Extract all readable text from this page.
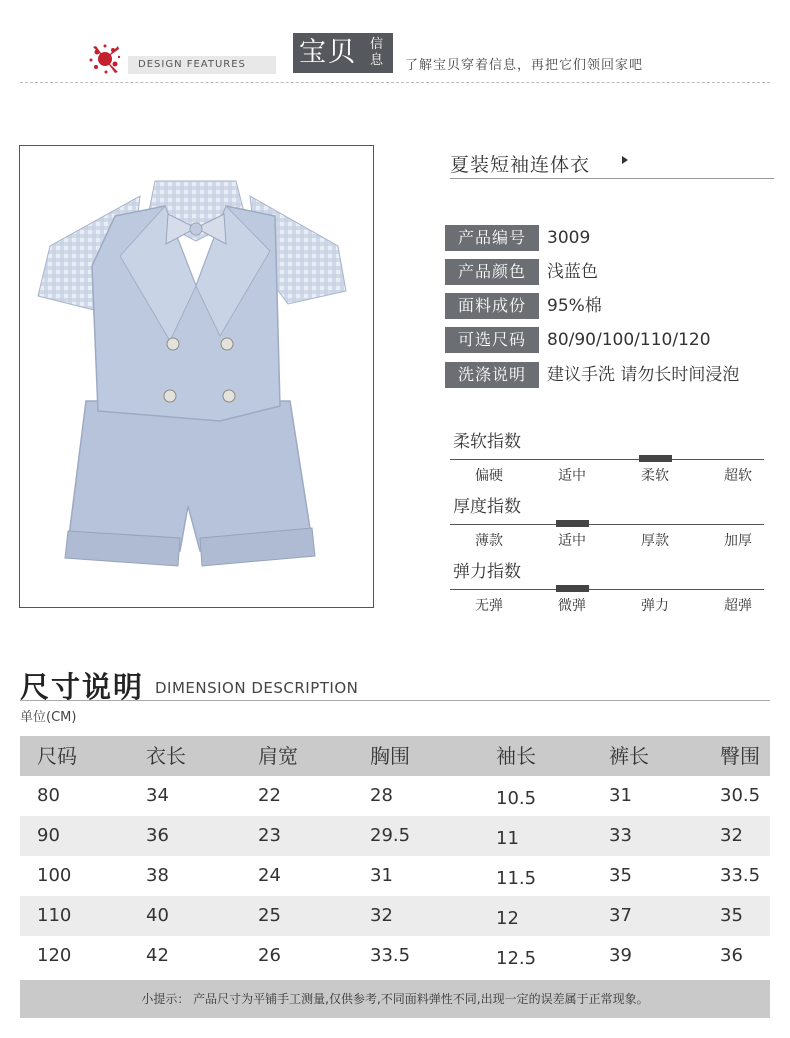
DESIGN FEATURES	宝贝 信息 了解宝贝穿着信息，再把它们领回家吧
夏装短袖连体衣
产品编号	3009
产品颜色	浅蓝色
面料成份	95%棉
可选尺码	80/90/100/110/120
洗涤说明	建议手洗 请勿长时间浸泡
柔软指数
偏硬	适中	柔软	超软
厚度指数
薄款	适中	厚款	加厚
弹力指数
无弹	微弹	弹力	超弹
尺寸说明 DIMENSION DESCRIPTION
单位(CM)
尺码	衣长	肩宽	胸围	袖长	裤长	臀围
80	34	22	28	10.5	31	30.5
90	36	23	29.5	11	33	32
100	38	24	31	11.5	35	33.5
110	40	25	32	12	37	35
120	42	26	33.5	12.5	39	36
小提示： 产品尺寸为平铺手工测量,仅供参考,不同面料弹性不同,出现一定的误差属于正常现象。
